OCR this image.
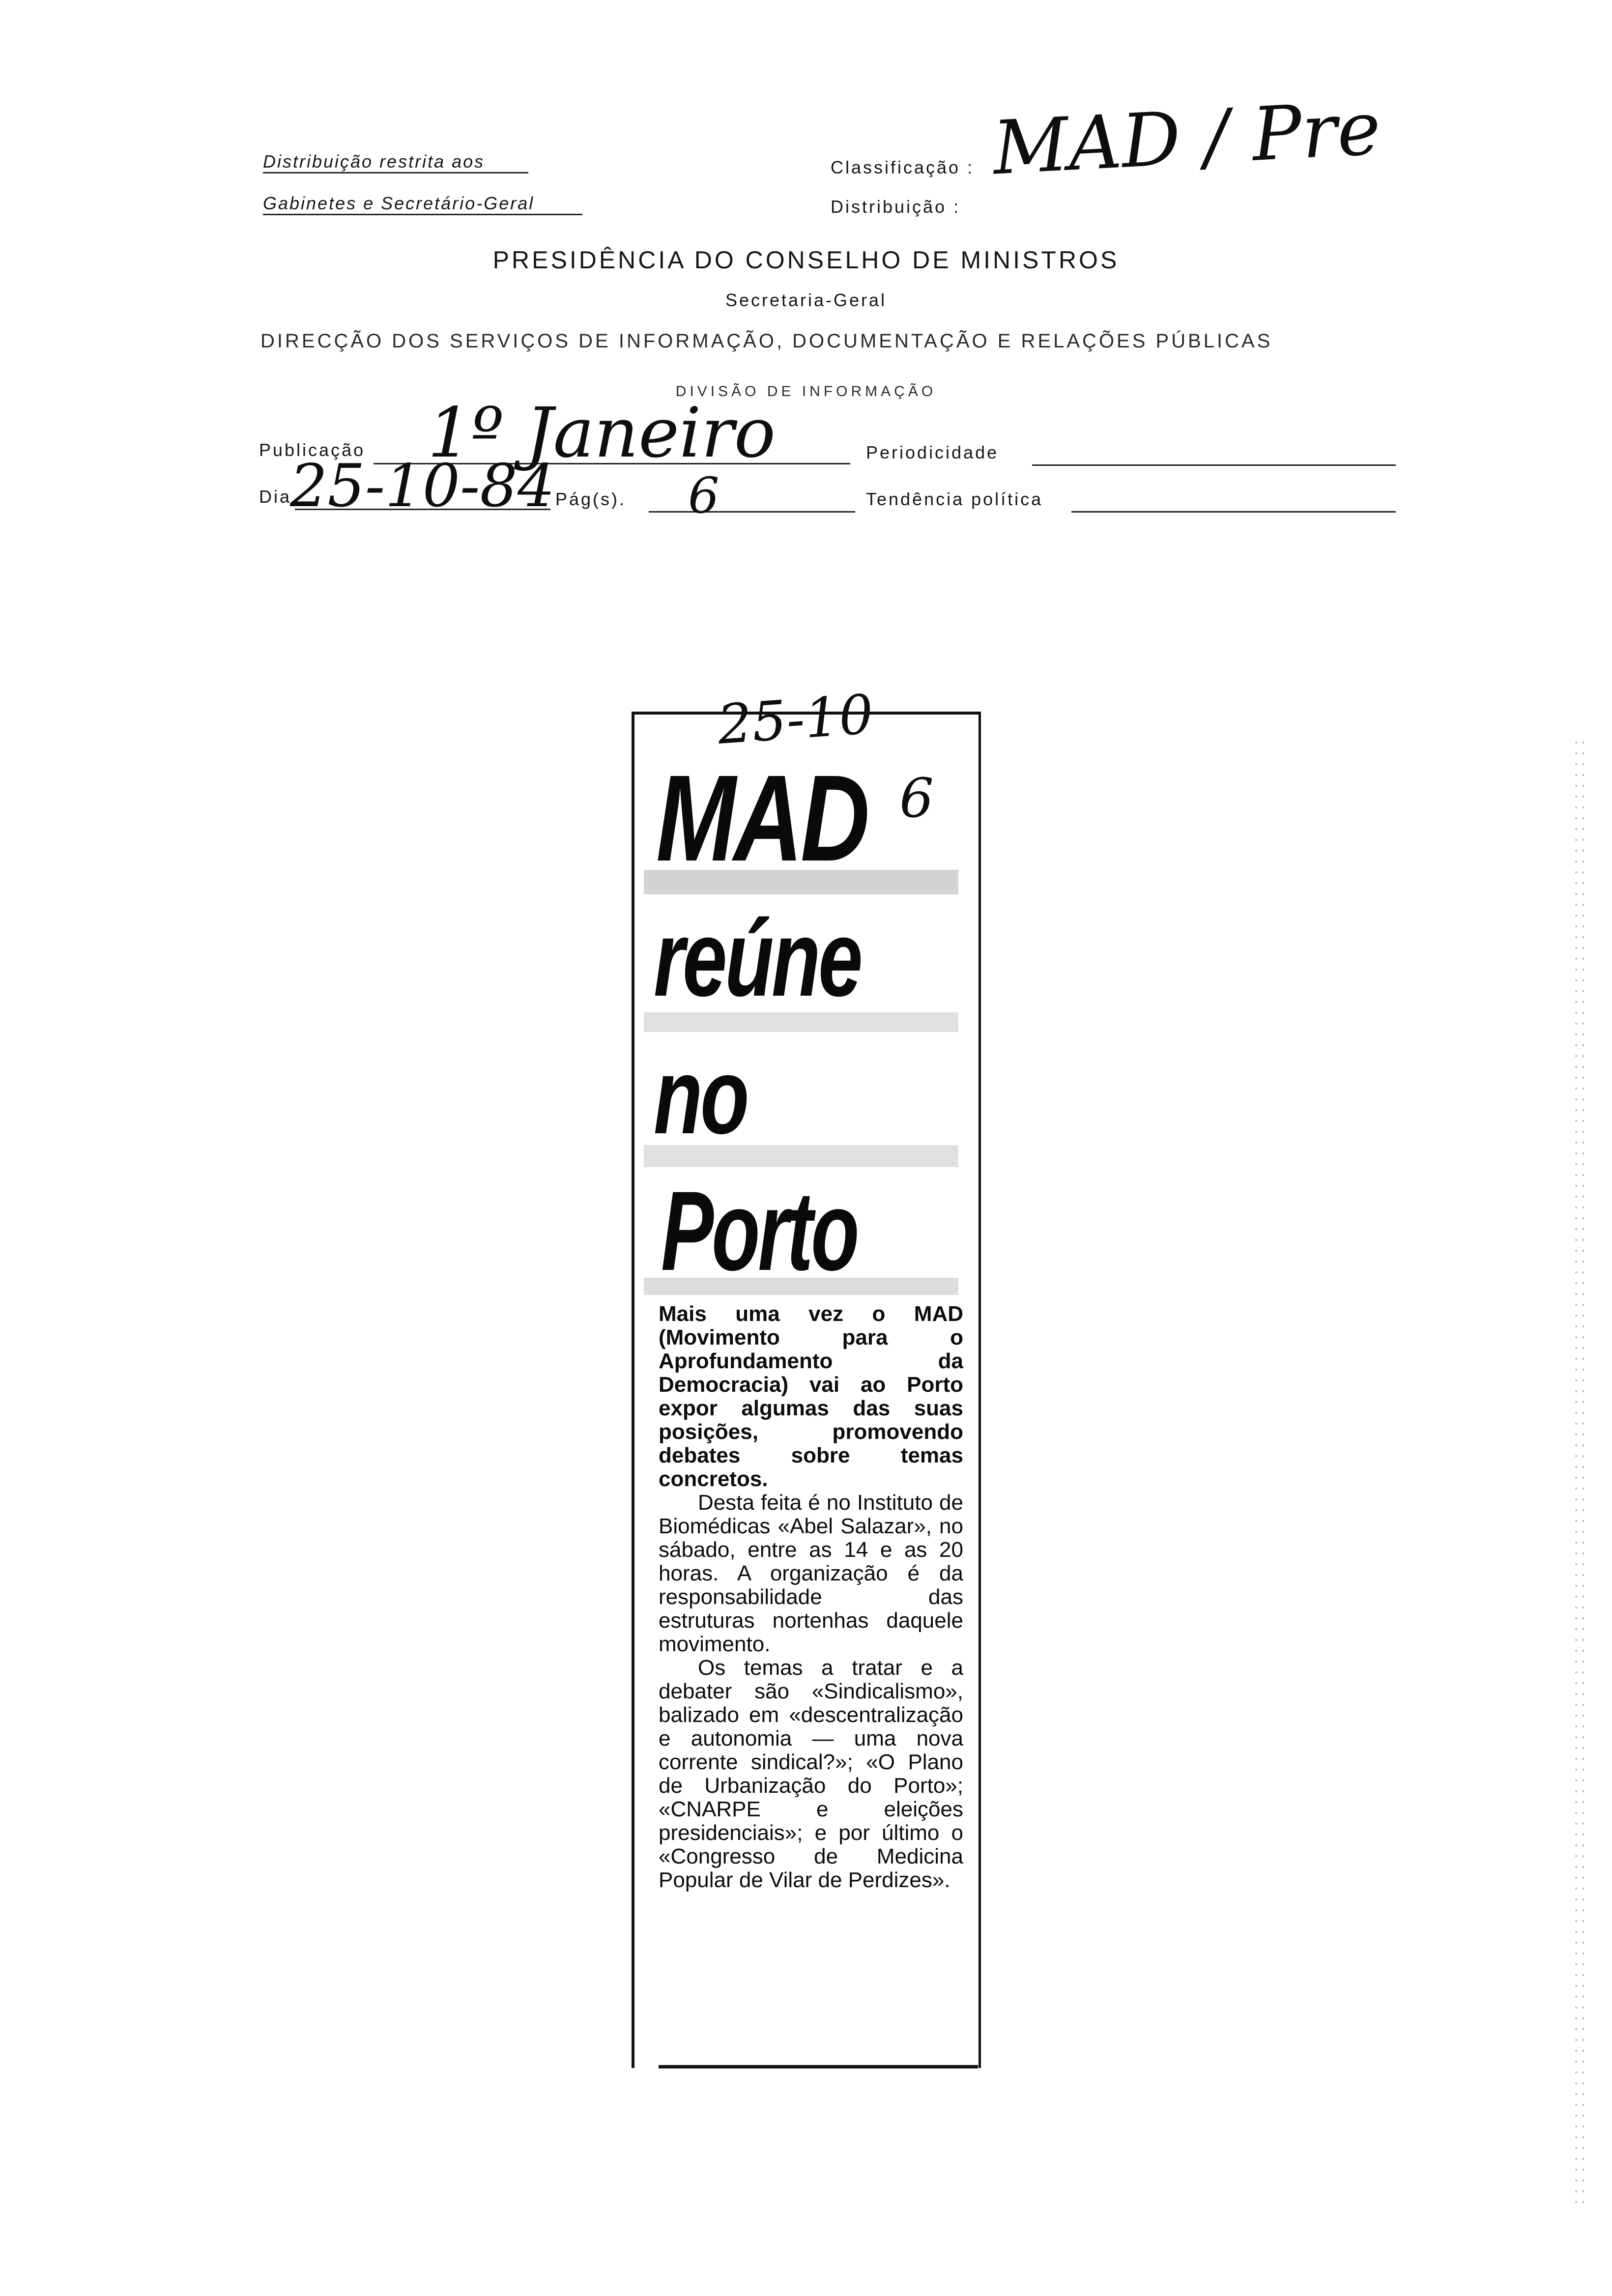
Distribuição restrita aos
Gabinetes e Secretário-Geral
Classificação :
Distribuição :
MAD / Pre
PRESIDÊNCIA DO CONSELHO DE MINISTROS
Secretaria-Geral
DIRECÇÃO DOS SERVIÇOS DE INFORMAÇÃO, DOCUMENTAÇÃO E RELAÇÕES PÚBLICAS
DIVISÃO DE INFORMAÇÃO
Publicação 1º Janeiro	Periodicidade
Dia
25-10-84 Pág(s). 6	Tendência política
25-10
6
MAD
reúne
no
Porto

Mais uma vez o MAD (Movimento para o Aprofundamento da Democracia) vai ao Porto expor algumas das suas posições, promovendo debates sobre temas concretos.

Desta feita é no Instituto de Biomédicas «Abel Salazar», no sábado, entre as 14 e as 20 horas. A organização é da responsabilidade das estruturas nortenhas daquele movimento.

Os temas a tratar e a debater são «Sindicalismo», balizado em «descentralização e autonomia — uma nova corrente sindical?»; «O Plano de Urbanização do Porto»; «CNARPE e eleições presidenciais»; e por último o «Congresso de Medicina Popular de Vilar de Perdizes».
